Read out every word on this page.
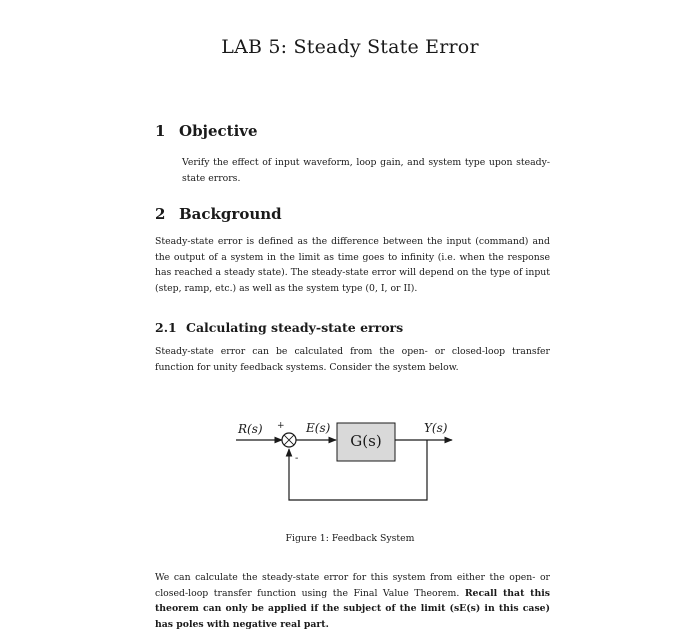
LAB 5: Steady State Error
1 Objective
Verify the effect of input waveform, loop gain, and system type upon steady-state errors.
2 Background
Steady-state error is defined as the difference between the input (command) and the output of a system in the limit as time goes to infinity (i.e. when the response has reached a steady state). The steady-state error will depend on the type of input (step, ramp, etc.) as well as the system type (0, I, or II).
2.1 Calculating steady-state errors
Steady-state error can be calculated from the open- or closed-loop transfer function for unity feedback systems. Consider the system below.
R(s) + E(s)	Y(s)
-
G(s)
Figure 1: Feedback System
We can calculate the steady-state error for this system from either the open- or closed-loop transfer function using the Final Value Theorem. Recall that this theorem can only be applied if the subject of the limit (sE(s) in this case) has poles with negative real part.
